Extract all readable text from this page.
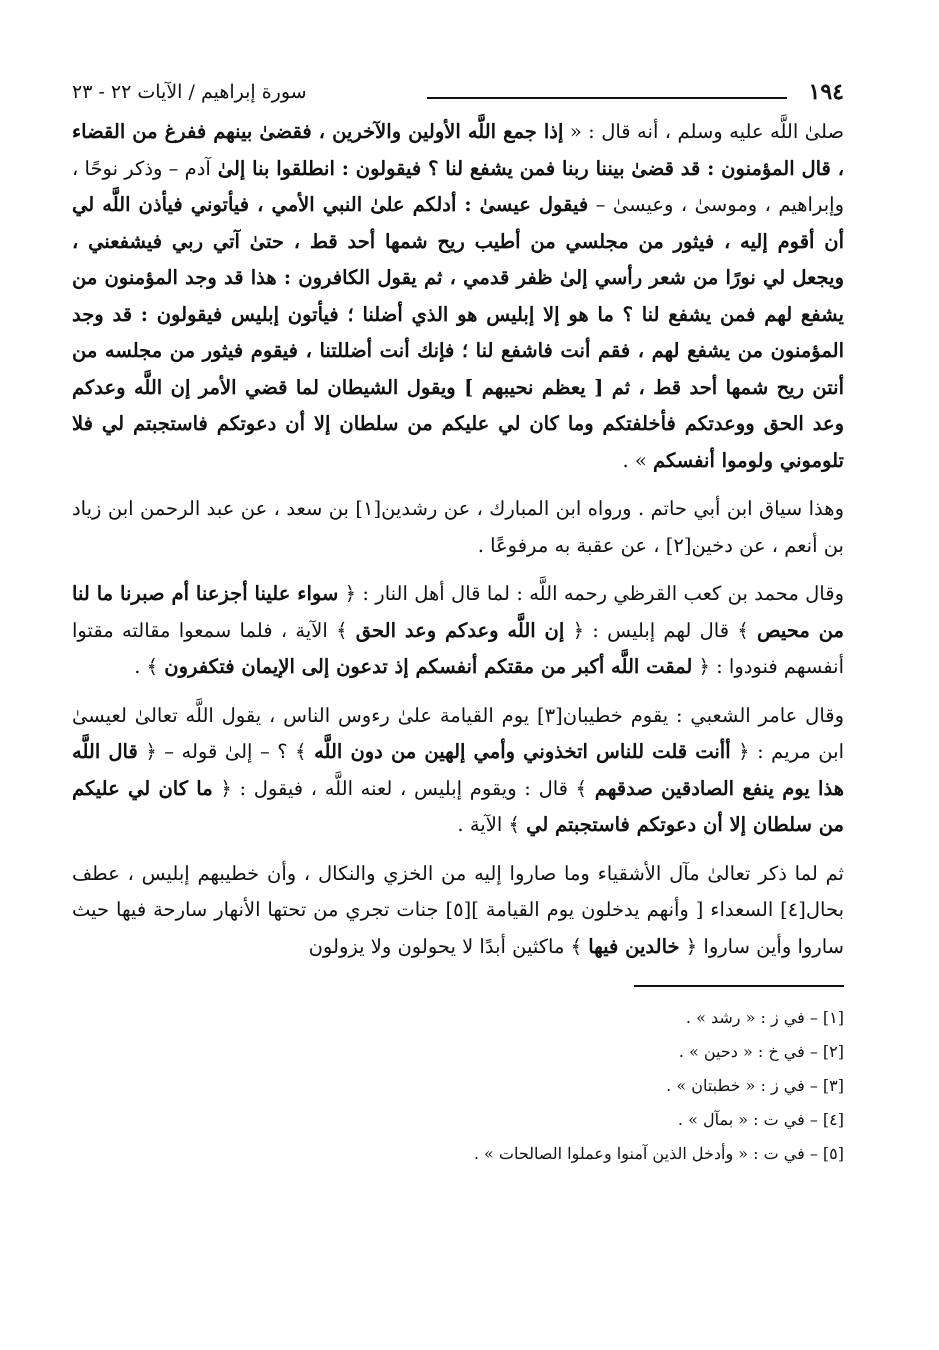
١٩٤
سورة إبراهيم / الآيات ٢٢ - ٢٣
صلىٰ اللَّه عليه وسلم ، أنه قال : « إذا جمع اللَّه الأولين والآخرين ، فقضىٰ بينهم ففرغ من القضاء ، قال المؤمنون : قد قضىٰ بيننا ربنا فمن يشفع لنا ؟ فيقولون : انطلقوا بنا إلىٰ آدم – وذكر نوحًا ، وإبراهيم ، وموسىٰ ، وعيسىٰ – فيقول عيسىٰ : أدلكم علىٰ النبي الأمي ، فيأتوني فيأذن اللَّه لي أن أقوم إليه ، فيثور من مجلسي من أطيب ريح شمها أحد قط ، حتىٰ آتي ربي فيشفعني ، ويجعل لي نورًا من شعر رأسي إلىٰ ظفر قدمي ، ثم يقول الكافرون : هذا قد وجد المؤمنون من يشفع لهم فمن يشفع لنا ؟ ما هو إلا إبليس هو الذي أضلنا ؛ فيأتون إبليس فيقولون : قد وجد المؤمنون من يشفع لهم ، فقم أنت فاشفع لنا ؛ فإنك أنت أضللتنا ، فيقوم فيثور من مجلسه من أنتن ريح شمها أحد قط ، ثم [ يعظم نحيبهم ] ويقول الشيطان لما قضي الأمر إن اللَّه وعدكم وعد الحق ووعدتكم فأخلفتكم وما كان لي عليكم من سلطان إلا أن دعوتكم فاستجبتم لي فلا تلوموني ولوموا أنفسكم » .
وهذا سياق ابن أبي حاتم . ورواه ابن المبارك ، عن رشدين[١] بن سعد ، عن عبد الرحمن ابن زياد بن أنعم ، عن دخين[٢] ، عن عقبة به مرفوعًا .
وقال محمد بن كعب القرظي رحمه اللَّه : لما قال أهل النار : ﴿ سواء علينا أجزعنا أم صبرنا ما لنا من محيص ﴾ قال لهم إبليس : ﴿ إن اللَّه وعدكم وعد الحق ﴾ الآية ، فلما سمعوا مقالته مقتوا أنفسهم فنودوا : ﴿ لمقت اللَّه أكبر من مقتكم أنفسكم إذ تدعون إلى الإيمان فتكفرون ﴾ .
وقال عامر الشعبي : يقوم خطيبان[٣] يوم القيامة علىٰ رءوس الناس ، يقول اللَّه تعالىٰ لعيسىٰ ابن مريم : ﴿ أأنت قلت للناس اتخذوني وأمي إلهين من دون اللَّه ﴾ ؟ – إلىٰ قوله – ﴿ قال اللَّه هذا يوم ينفع الصادقين صدقهم ﴾ قال : ويقوم إبليس ، لعنه اللَّه ، فيقول : ﴿ ما كان لي عليكم من سلطان إلا أن دعوتكم فاستجبتم لي ﴾ الآية .
ثم لما ذكر تعالىٰ مآل الأشقياء وما صاروا إليه من الخزي والنكال ، وأن خطيبهم إبليس ، عطف بحال[٤] السعداء [ وأنهم يدخلون يوم القيامة ][٥] جنات تجري من تحتها الأنهار سارحة فيها حيث ساروا وأين ساروا ﴿ خالدين فيها ﴾ ماكثين أبدًا لا يحولون ولا يزولون
[١] – في ز : « رشد » .
[٢] – في خ : « دحين » .
[٣] – في ز : « خطبتان » .
[٤] – في ت : « بمآل » .
[٥] – في ت : « وأدخل الذين آمنوا وعملوا الصالحات » .
